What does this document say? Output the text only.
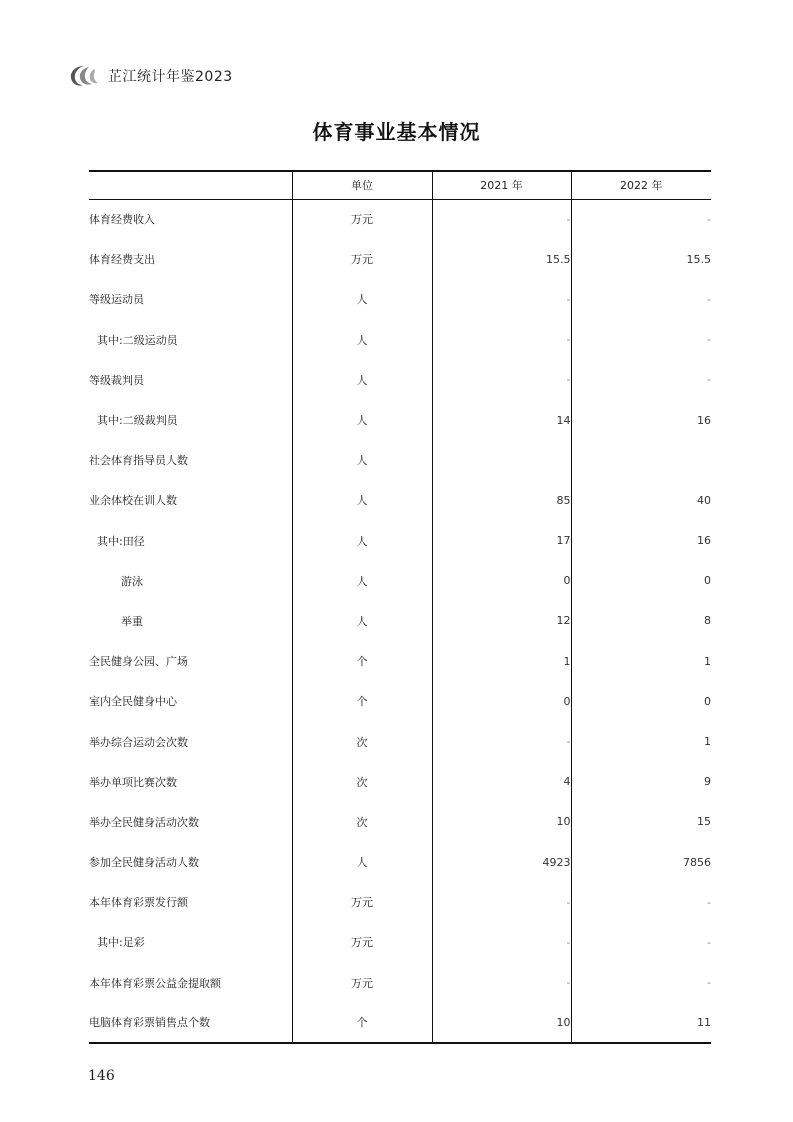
芷江统计年鉴2023
体育事业基本情况
	单位	2021 年	2022 年
体育经费收入	万元	-	-
体育经费支出	万元	15.5	15.5
等级运动员	人	-	-
其中:二级运动员	人	-	-
等级裁判员	人	-	-
其中:二级裁判员	人	14	16
社会体育指导员人数	人		
业余体校在训人数	人	85	40
其中:田径	人	17	16
游泳	人	0	0
举重	人	12	8
全民健身公园、广场	个	1	1
室内全民健身中心	个	0	0
举办综合运动会次数	次	-	1
举办单项比赛次数	次	4	9
举办全民健身活动次数	次	10	15
参加全民健身活动人数	人	4923	7856
本年体育彩票发行额	万元	-	-
其中:足彩	万元	-	-
本年体育彩票公益金提取额	万元	-	-
电脑体育彩票销售点个数	个	10	11
146
